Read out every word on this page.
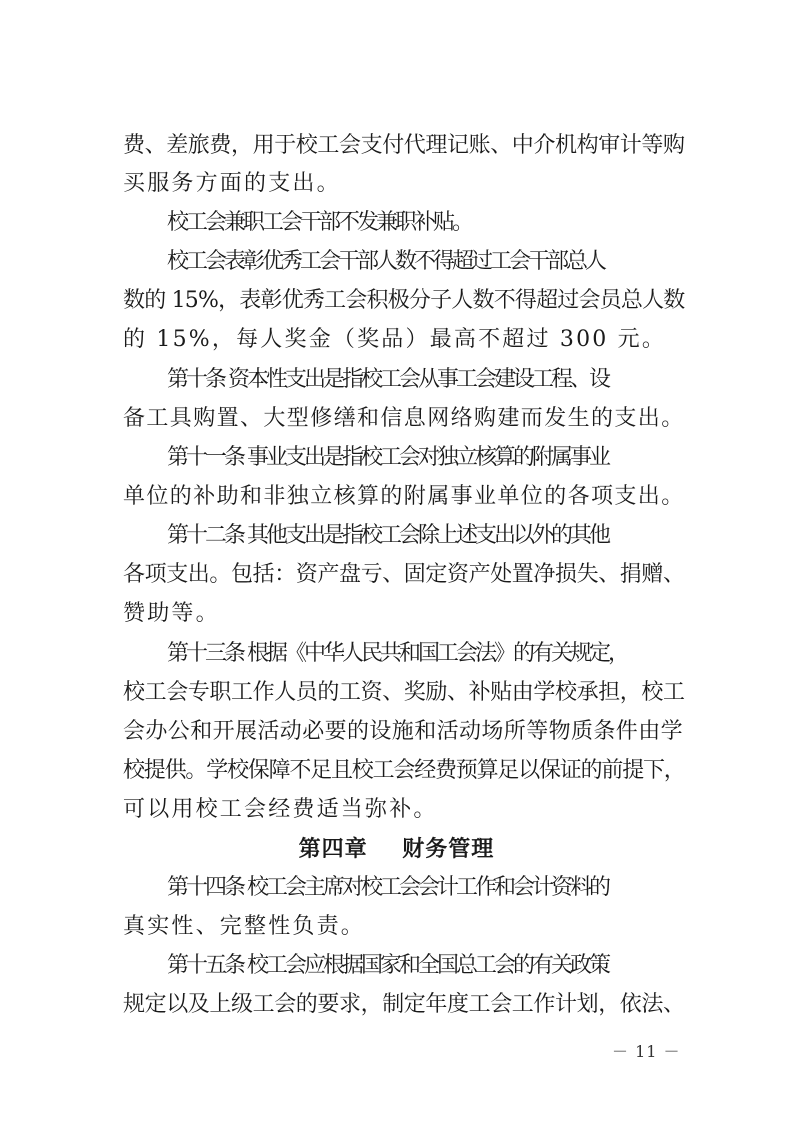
费、差旅费，用于校工会支付代理记账、中介机构审计等购
买服务方面的支出。
校工会兼职工会干部不发兼职补贴。
校工会表彰优秀工会干部人数不得超过工会干部总人
数的 15%，表彰优秀工会积极分子人数不得超过会员总人数
的 15%，每人奖金（奖品）最高不超过 300 元。
第十条 资本性支出是指校工会从事工会建设工程、设
备工具购置、大型修缮和信息网络购建而发生的支出。
第十一条 事业支出是指校工会对独立核算的附属事业
单位的补助和非独立核算的附属事业单位的各项支出。
第十二条 其他支出是指校工会除上述支出以外的其他
各项支出。包括：资产盘亏、固定资产处置净损失、捐赠、
赞助等。
第十三条 根据《中华人民共和国工会法》的有关规定，
校工会专职工作人员的工资、奖励、补贴由学校承担，校工
会办公和开展活动必要的设施和活动场所等物质条件由学
校提供。学校保障不足且校工会经费预算足以保证的前提下，
可以用校工会经费适当弥补。
第四章    财务管理
第十四条 校工会主席对校工会会计工作和会计资料的
真实性、完整性负责。
第十五条 校工会应根据国家和全国总工会的有关政策
规定以及上级工会的要求，制定年度工会工作计划，依法、
－ 11 －
